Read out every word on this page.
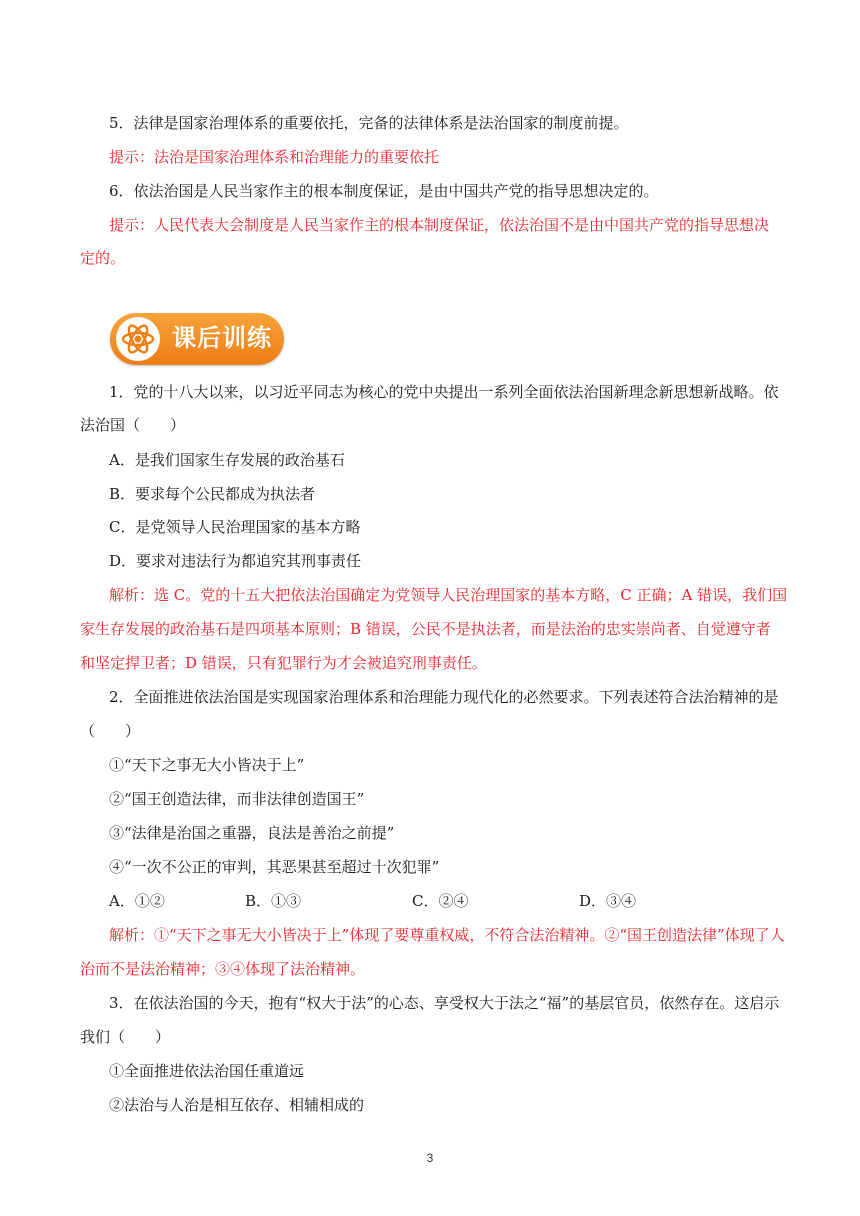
5．法律是国家治理体系的重要依托，完备的法律体系是法治国家的制度前提。
提示：法治是国家治理体系和治理能力的重要依托
6．依法治国是人民当家作主的根本制度保证，是由中国共产党的指导思想决定的。
提示：人民代表大会制度是人民当家作主的根本制度保证，依法治国不是由中国共产党的指导思想决
定的。
课后训练
1．党的十八大以来，以习近平同志为核心的党中央提出一系列全面依法治国新理念新思想新战略。依
法治国（　　）
A．是我们国家生存发展的政治基石
B．要求每个公民都成为执法者
C．是党领导人民治理国家的基本方略
D．要求对违法行为都追究其刑事责任
解析：选 C。党的十五大把依法治国确定为党领导人民治理国家的基本方略，C 正确；A 错误，我们国
家生存发展的政治基石是四项基本原则；B 错误，公民不是执法者，而是法治的忠实崇尚者、自觉遵守者
和坚定捍卫者；D 错误，只有犯罪行为才会被追究刑事责任。
2．全面推进依法治国是实现国家治理体系和治理能力现代化的必然要求。下列表述符合法治精神的是
（　　）
①“天下之事无大小皆决于上”
②“国王创造法律，而非法律创造国王”
③“法律是治国之重器，良法是善治之前提”
④“一次不公正的审判，其恶果甚至超过十次犯罪”
A．①②	B．①③	C．②④	D．③④
解析：①“天下之事无大小皆决于上”体现了要尊重权威，不符合法治精神。②“国王创造法律”体现了人
治而不是法治精神；③④体现了法治精神。
3．在依法治国的今天，抱有“权大于法”的心态、享受权大于法之“福”的基层官员，依然存在。这启示
我们（　　）
①全面推进依法治国任重道远
②法治与人治是相互依存、相辅相成的
3
